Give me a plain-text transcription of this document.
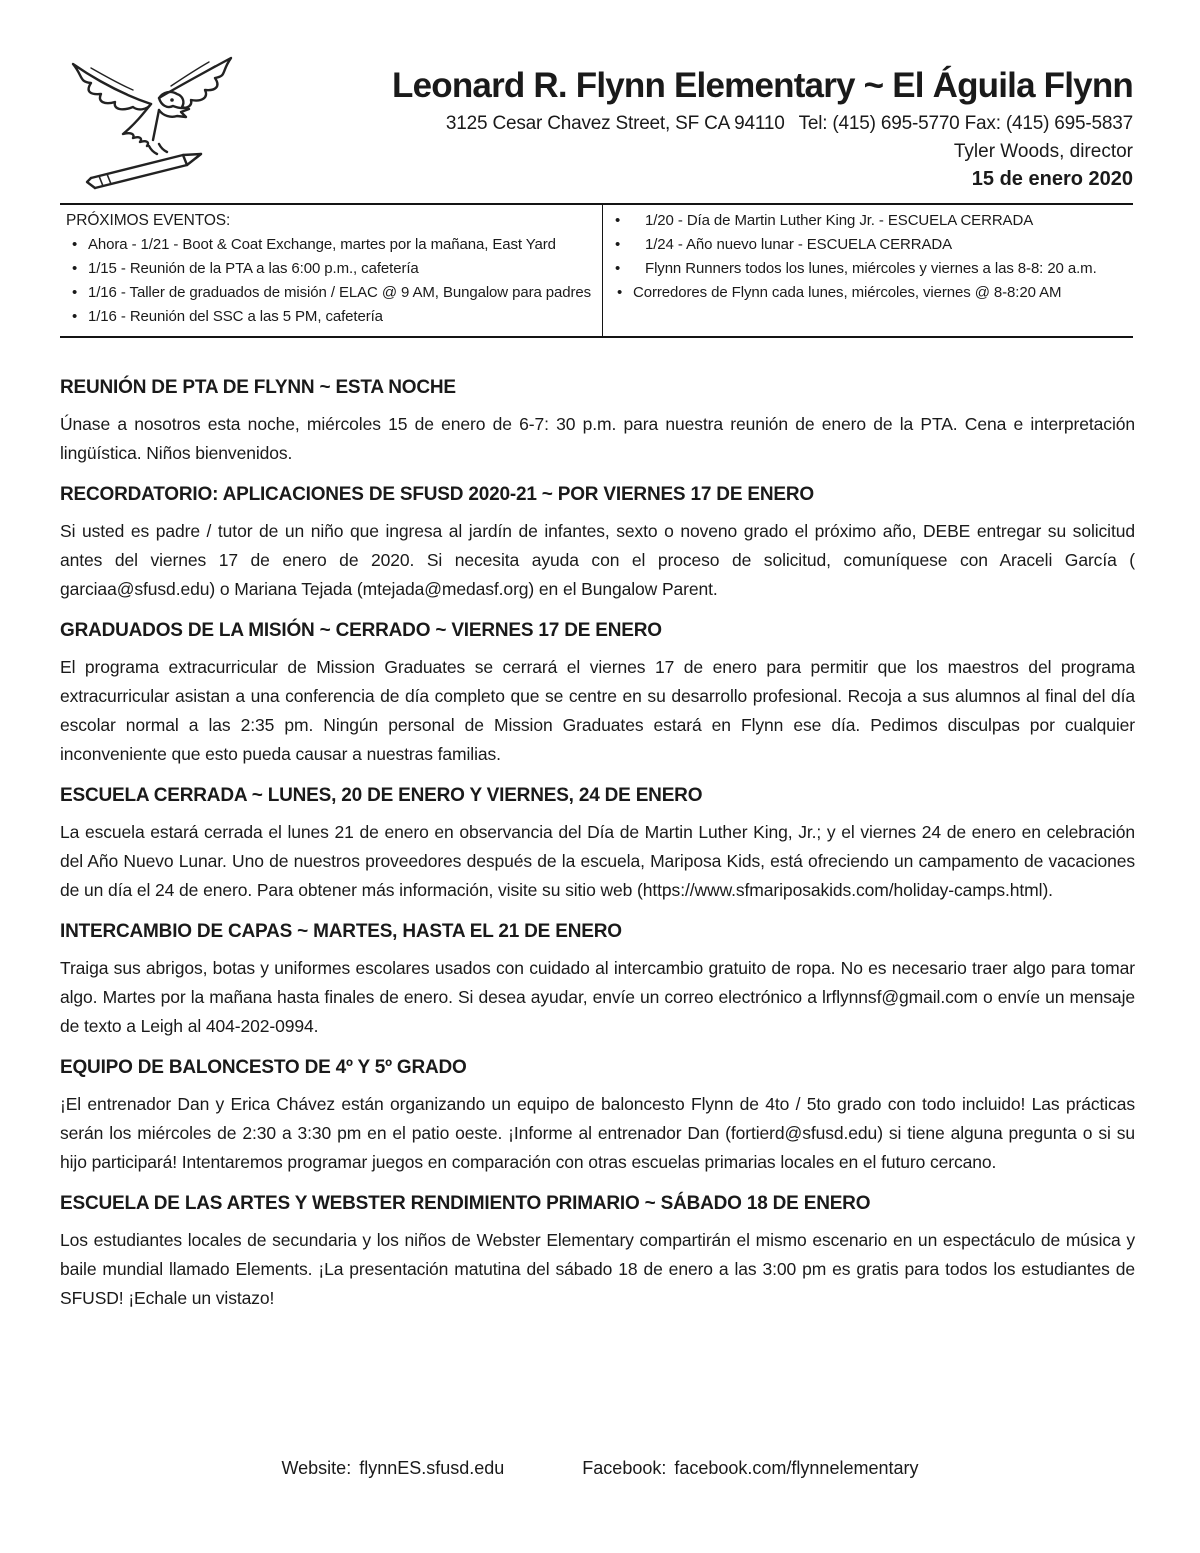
Leonard R. Flynn Elementary ~ El Águila Flynn
3125 Cesar Chavez Street, SF CA 94110 Tel: (415) 695-5770 Fax: (415) 695-5837
Tyler Woods, director
15 de enero 2020
PRÓXIMOS EVENTOS:
• Ahora - 1/21 - Boot & Coat Exchange, martes por la mañana, East Yard
• 1/15 - Reunión de la PTA a las 6:00 p.m., cafetería
• 1/16 - Taller de graduados de misión / ELAC @ 9 AM, Bungalow para padres
• 1/16 - Reunión del SSC a las 5 PM, cafetería
•	1/20 - Día de Martin Luther King Jr. - ESCUELA CERRADA
•	1/24 - Año nuevo lunar - ESCUELA CERRADA
•	Flynn Runners todos los lunes, miércoles y viernes a las 8-8: 20 a.m.
• Corredores de Flynn cada lunes, miércoles, viernes @ 8-8:20 AM
REUNIÓN DE PTA DE FLYNN ~ ESTA NOCHE
Únase a nosotros esta noche, miércoles 15 de enero de 6-7: 30 p.m. para nuestra reunión de enero de la PTA. Cena e interpretación lingüística. Niños bienvenidos.
RECORDATORIO: APLICACIONES DE SFUSD 2020-21 ~ POR VIERNES 17 DE ENERO
Si usted es padre / tutor de un niño que ingresa al jardín de infantes, sexto o noveno grado el próximo año, DEBE entregar su solicitud antes del viernes 17 de enero de 2020. Si necesita ayuda con el proceso de solicitud, comuníquese con Araceli García ( garciaa@sfusd.edu) o Mariana Tejada (mtejada@medasf.org) en el Bungalow Parent.
GRADUADOS DE LA MISIÓN ~ CERRADO ~ VIERNES 17 DE ENERO
El programa extracurricular de Mission Graduates se cerrará el viernes 17 de enero para permitir que los maestros del programa extracurricular asistan a una conferencia de día completo que se centre en su desarrollo profesional. Recoja a sus alumnos al final del día escolar normal a las 2:35 pm. Ningún personal de Mission Graduates estará en Flynn ese día. Pedimos disculpas por cualquier inconveniente que esto pueda causar a nuestras familias.
ESCUELA CERRADA ~ LUNES, 20 DE ENERO Y VIERNES, 24 DE ENERO
La escuela estará cerrada el lunes 21 de enero en observancia del Día de Martin Luther King, Jr.; y el viernes 24 de enero en celebración del Año Nuevo Lunar. Uno de nuestros proveedores después de la escuela, Mariposa Kids, está ofreciendo un campamento de vacaciones de un día el 24 de enero. Para obtener más información, visite su sitio web (https://www.sfmariposakids.com/holiday-camps.html).
INTERCAMBIO DE CAPAS ~ MARTES, HASTA EL 21 DE ENERO
Traiga sus abrigos, botas y uniformes escolares usados con cuidado al intercambio gratuito de ropa. No es necesario traer algo para tomar algo. Martes por la mañana hasta finales de enero. Si desea ayudar, envíe un correo electrónico a lrflynnsf@gmail.com o envíe un mensaje de texto a Leigh al 404-202-0994.
EQUIPO DE BALONCESTO DE 4º Y 5º GRADO
¡El entrenador Dan y Erica Chávez están organizando un equipo de baloncesto Flynn de 4to / 5to grado con todo incluido! Las prácticas serán los miércoles de 2:30 a 3:30 pm en el patio oeste. ¡Informe al entrenador Dan (fortierd@sfusd.edu) si tiene alguna pregunta o si su hijo participará! Intentaremos programar juegos en comparación con otras escuelas primarias locales en el futuro cercano.
ESCUELA DE LAS ARTES Y WEBSTER RENDIMIENTO PRIMARIO ~ SÁBADO 18 DE ENERO
Los estudiantes locales de secundaria y los niños de Webster Elementary compartirán el mismo escenario en un espectáculo de música y baile mundial llamado Elements. ¡La presentación matutina del sábado 18 de enero a las 3:00 pm es gratis para todos los estudiantes de SFUSD! ¡Echale un vistazo!
Website: flynnES.sfusd.edu	Facebook: facebook.com/flynnelementary
